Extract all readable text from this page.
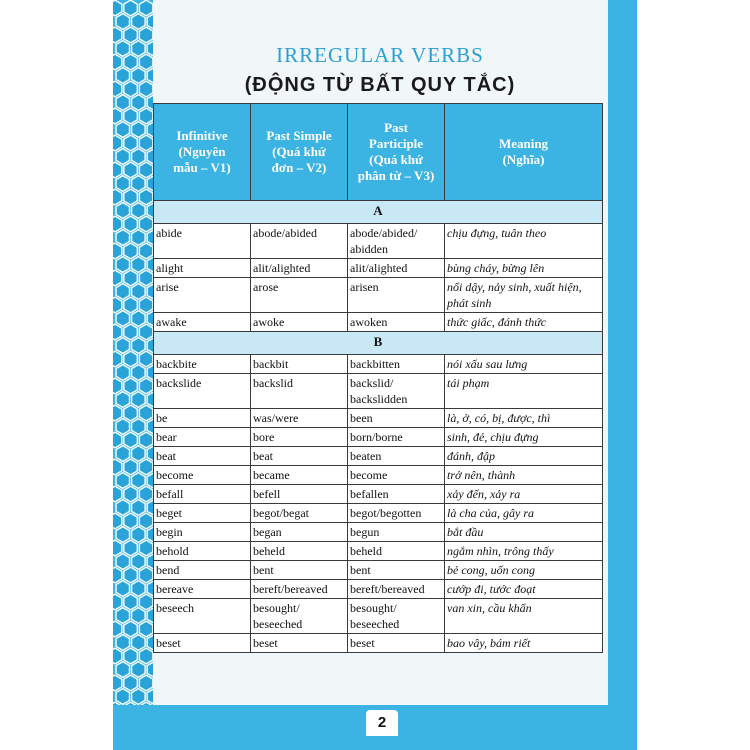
IRREGULAR VERBS
(ĐỘNG TỪ BẤT QUY TẮC)
Infinitive
(Nguyên
mẫu – V1)	Past Simple
(Quá khứ
đơn – V2)	Past
Participle
(Quá khứ
phân từ – V3)	Meaning
(Nghĩa)

A			
abide	abode/abided	abode/abided/ abidden	chịu đựng, tuân theo
alight	alit/alighted	alit/alighted	bùng cháy, bừng lên
arise	arose	arisen	nổi dậy, nảy sinh, xuất hiện, phát sinh
awake	awoke	awoken	thức giấc, đánh thức
B			
backbite	backbit	backbitten	nói xấu sau lưng
backslide	backslid	backslid/ backslidden	tái phạm
be	was/were	been	là, ở, có, bị, được, thì
bear	bore	born/borne	sinh, đẻ, chịu đựng
beat	beat	beaten	đánh, đập
become	became	become	trở nên, thành
befall	befell	befallen	xảy đến, xảy ra
beget	begot/begat	begot/begotten	là cha của, gây ra
begin	began	begun	bắt đầu
behold	beheld	beheld	ngắm nhìn, trông thấy
bend	bent	bent	bẻ cong, uốn cong
bereave	bereft/bereaved	bereft/bereaved	cướp đi, tước đoạt
beseech	besought/ beseeched	besought/ beseeched	van xin, cầu khẩn
beset	beset	beset	bao vây, bám riết
2
